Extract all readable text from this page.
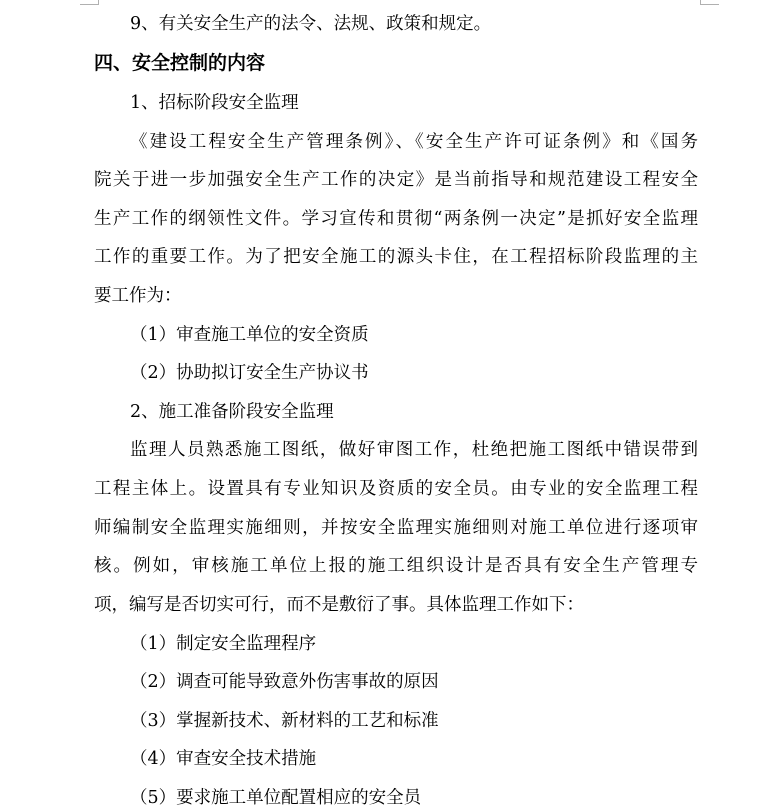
9、有关安全生产的法令、法规、政策和规定。
四、安全控制的内容
1、招标阶段安全监理
《建设工程安全生产管理条例》、《安全生产许可证条例》和《国务
院关于进一步加强安全生产工作的决定》是当前指导和规范建设工程安全
生产工作的纲领性文件。学习宣传和贯彻“两条例一决定”是抓好安全监理
工作的重要工作。为了把安全施工的源头卡住，在工程招标阶段监理的主
要工作为：
（1）审查施工单位的安全资质
（2）协助拟订安全生产协议书
2、施工准备阶段安全监理
监理人员熟悉施工图纸，做好审图工作，杜绝把施工图纸中错误带到
工程主体上。设置具有专业知识及资质的安全员。由专业的安全监理工程
师编制安全监理实施细则，并按安全监理实施细则对施工单位进行逐项审
核。例如，审核施工单位上报的施工组织设计是否具有安全生产管理专
项，编写是否切实可行，而不是敷衍了事。具体监理工作如下：
（1）制定安全监理程序
（2）调查可能导致意外伤害事故的原因
（3）掌握新技术、新材料的工艺和标准
（4）审查安全技术措施
（5）要求施工单位配置相应的安全员
